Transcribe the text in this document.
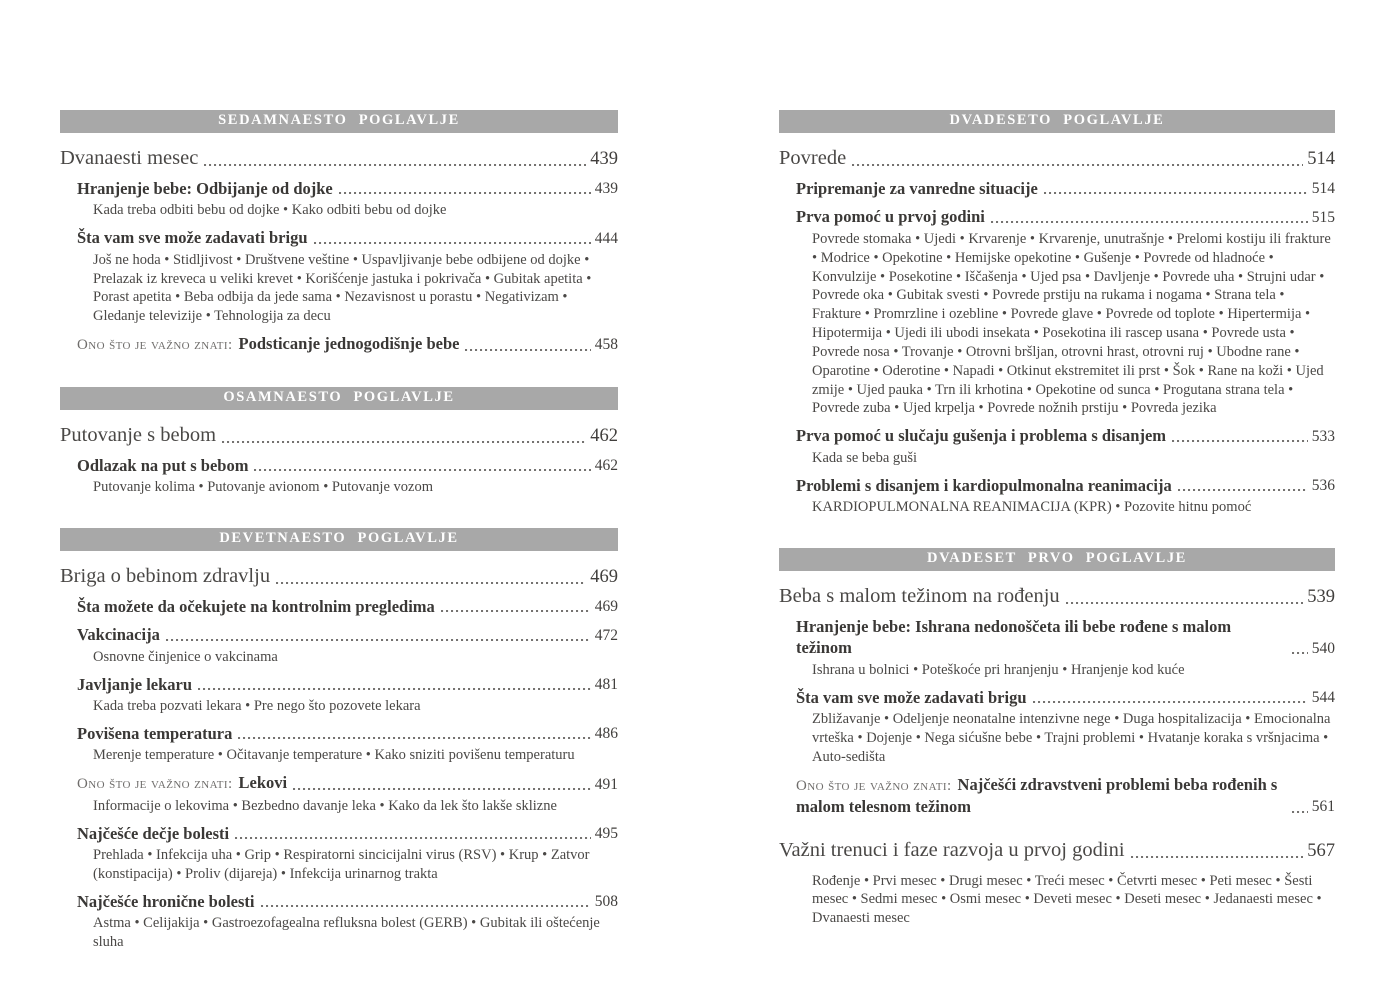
SEDAMNAESTO POGLAVLJE
Dvanaesti mesec	439
Hranjenje bebe: Odbijanje od dojke	439
Kada treba odbiti bebu od dojke • Kako odbiti bebu od dojke
Šta vam sve može zadavati brigu	444
Još ne hoda • Stidljivost • Društvene veštine • Uspavljivanje bebe odbijene od dojke • Prelazak iz kreveca u veliki krevet • Korišćenje jastuka i pokrivača • Gubitak apetita • Porast apetita • Beba odbija da jede sama • Nezavisnost u porastu • Negativizam • Gledanje televizije • Tehnologija za decu
Ono što je važno znati: Podsticanje jednogodišnje bebe	458
OSAMNAESTO POGLAVLJE
Putovanje s bebom	462
Odlazak na put s bebom	462
Putovanje kolima • Putovanje avionom • Putovanje vozom
DEVETNAESTO POGLAVLJE
Briga o bebinom zdravlju	469
Šta možete da očekujete na kontrolnim pregledima	469
Vakcinacija	472
Osnovne činjenice o vakcinama
Javljanje lekaru	481
Kada treba pozvati lekara • Pre nego što pozovete lekara
Povišena temperatura	486
Merenje temperature • Očitavanje temperature • Kako sniziti povišenu temperaturu
Ono što je važno znati: Lekovi	491
Informacije o lekovima • Bezbedno davanje leka • Kako da lek što lakše sklizne
Najčešće dečje bolesti	495
Prehlada • Infekcija uha • Grip • Respiratorni sincicijalni virus (RSV) • Krup • Zatvor (konstipacija) • Proliv (dijareja) • Infekcija urinarnog trakta
Najčešće hronične bolesti	508
Astma • Celijakija • Gastroezofagealna refluksna bolest (GERB) • Gubitak ili oštećenje sluha
DVADESETO POGLAVLJE
Povrede	514
Pripremanje za vanredne situacije	514
Prva pomoć u prvoj godini	515
Povrede stomaka • Ujedi • Krvarenje • Krvarenje, unutrašnje • Prelomi kostiju ili frakture • Modrice • Opekotine • Hemijske opekotine • Gušenje • Povrede od hladnoće • Konvulzije • Posekotine • Iščašenja • Ujed psa • Davljenje • Povrede uha • Strujni udar • Povrede oka • Gubitak svesti • Povrede prstiju na rukama i nogama • Strana tela • Frakture • Promrzline i ozebline • Povrede glave • Povrede od toplote • Hipertermija • Hipotermija • Ujedi ili ubodi insekata • Posekotina ili rascep usana • Povrede usta • Povrede nosa • Trovanje • Otrovni bršljan, otrovni hrast, otrovni ruj • Ubodne rane • Oparotine • Oderotine • Napadi • Otkinut ekstremitet ili prst • Šok • Rane na koži • Ujed zmije • Ujed pauka • Trn ili krhotina • Opekotine od sunca • Progutana strana tela • Povrede zuba • Ujed krpelja • Povrede nožnih prstiju • Povreda jezika
Prva pomoć u slučaju gušenja i problema s disanjem	533
Kada se beba guši
Problemi s disanjem i kardiopulmonalna reanimacija	536
KARDIOPULMONALNA REANIMACIJA (KPR) • Pozovite hitnu pomoć
DVADESET PRVO POGLAVLJE
Beba s malom težinom na rođenju	539
Hranjenje bebe: Ishrana nedonoščeta ili bebe rođene s malom težinom	540
Ishrana u bolnici • Poteškoće pri hranjenju • Hranjenje kod kuće
Šta vam sve može zadavati brigu	544
Zbližavanje • Odeljenje neonatalne intenzivne nege • Duga hospitalizacija • Emocionalna vrteška • Dojenje • Nega sićušne bebe • Trajni problemi • Hvatanje koraka s vršnjacima • Auto-sedišta
Ono što je važno znati: Najčešći zdravstveni problemi beba rođenih s malom telesnom težinom	561
Važni trenuci i faze razvoja u prvoj godini	567
Rođenje • Prvi mesec • Drugi mesec • Treći mesec • Četvrti mesec • Peti mesec • Šesti mesec • Sedmi mesec • Osmi mesec • Deveti mesec • Deseti mesec • Jedanaesti mesec • Dvanaesti mesec
